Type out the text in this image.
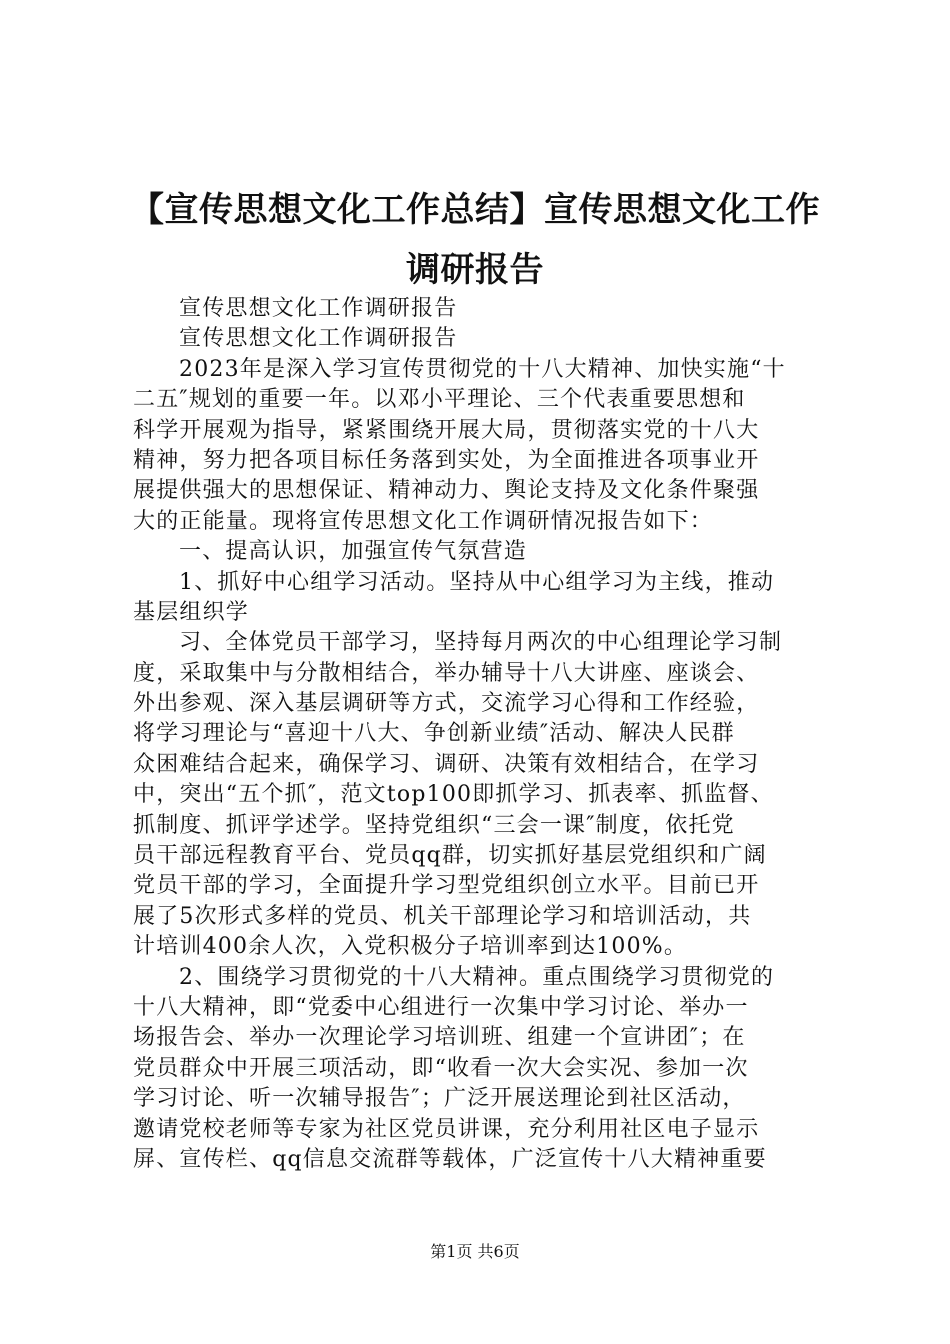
【宣传思想文化工作总结】宣传思想文化工作
调研报告
宣传思想文化工作调研报告
宣传思想文化工作调研报告
2023年是深入学习宣传贯彻党的十八大精神、加快实施“十
二五″规划的重要一年。以邓小平理论、三个代表重要思想和
科学开展观为指导，紧紧围绕开展大局，贯彻落实党的十八大
精神，努力把各项目标任务落到实处，为全面推进各项事业开
展提供强大的思想保证、精神动力、舆论支持及文化条件聚强
大的正能量。现将宣传思想文化工作调研情况报告如下：
一、提高认识，加强宣传气氛营造
1、抓好中心组学习活动。坚持从中心组学习为主线，推动
基层组织学
习、全体党员干部学习，坚持每月两次的中心组理论学习制
度，采取集中与分散相结合，举办辅导十八大讲座、座谈会、
外出参观、深入基层调研等方式，交流学习心得和工作经验，
将学习理论与“喜迎十八大、争创新业绩″活动、解决人民群
众困难结合起来，确保学习、调研、决策有效相结合，在学习
中，突出“五个抓″，范文top100即抓学习、抓表率、抓监督、
抓制度、抓评学述学。坚持党组织“三会一课″制度，依托党
员干部远程教育平台、党员qq群，切实抓好基层党组织和广阔
党员干部的学习，全面提升学习型党组织创立水平。目前已开
展了5次形式多样的党员、机关干部理论学习和培训活动，共
计培训400余人次，入党积极分子培训率到达100%。
2、围绕学习贯彻党的十八大精神。重点围绕学习贯彻党的
十八大精神，即“党委中心组进行一次集中学习讨论、举办一
场报告会、举办一次理论学习培训班、组建一个宣讲团″；在
党员群众中开展三项活动，即“收看一次大会实况、参加一次
学习讨论、听一次辅导报告″；广泛开展送理论到社区活动，
邀请党校老师等专家为社区党员讲课，充分利用社区电子显示
屏、宣传栏、qq信息交流群等载体，广泛宣传十八大精神重要
第1页 共6页
